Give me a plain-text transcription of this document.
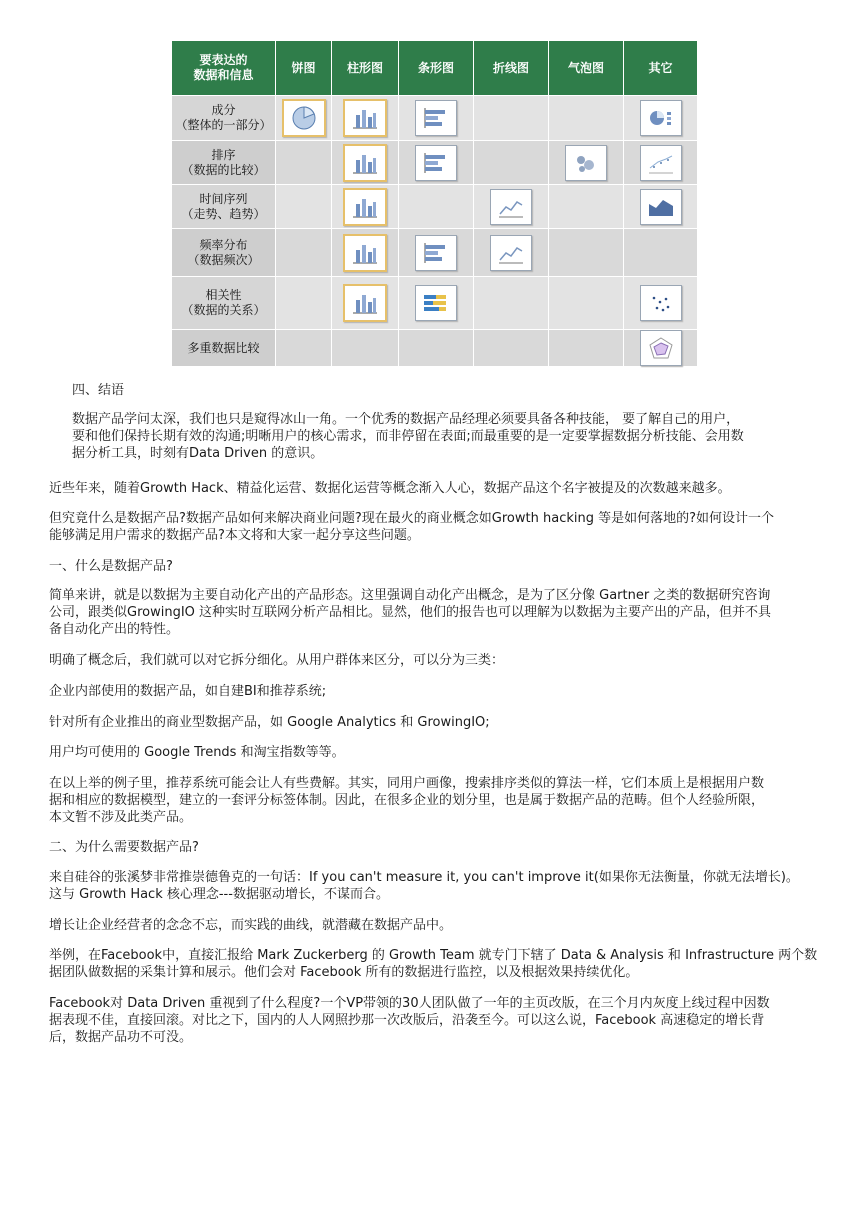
要表达的
数据和信息	饼图	柱形图	条形图	折线图	气泡图	其它
成分
（整体的一部分）	

排序
（数据的比较）		

时间序列
（走势、趋势）		

频率分布
（数据频次）		

相关性
（数据的关系）		

多重数据比较						

四、结语

数据产品学问太深，我们也只是窥得冰山一角。一个优秀的数据产品经理必须要具备各种技能， 要了解自己的用户，

要和他们保持长期有效的沟通;明晰用户的核心需求，而非停留在表面;而最重要的是一定要掌握数据分析技能、会用数

据分析工具，时刻有Data Driven 的意识。

近些年来，随着Growth Hack、精益化运营、数据化运营等概念渐入人心，数据产品这个名字被提及的次数越来越多。

但究竟什么是数据产品?数据产品如何来解决商业问题?现在最火的商业概念如Growth hacking 等是如何落地的?如何设计一个

能够满足用户需求的数据产品?本文将和大家一起分享这些问题。

一、什么是数据产品?

简单来讲，就是以数据为主要自动化产出的产品形态。这里强调自动化产出概念，是为了区分像 Gartner 之类的数据研究咨询

公司，跟类似GrowingIO 这种实时互联网分析产品相比。显然，他们的报告也可以理解为以数据为主要产出的产品，但并不具

备自动化产出的特性。

明确了概念后，我们就可以对它拆分细化。从用户群体来区分，可以分为三类：

企业内部使用的数据产品，如自建BI和推荐系统;

针对所有企业推出的商业型数据产品，如 Google Analytics 和 GrowingIO;

用户均可使用的 Google Trends 和淘宝指数等等。

在以上举的例子里，推荐系统可能会让人有些费解。其实，同用户画像，搜索排序类似的算法一样，它们本质上是根据用户数

据和相应的数据模型，建立的一套评分标签体制。因此，在很多企业的划分里，也是属于数据产品的范畴。但个人经验所限，

本文暂不涉及此类产品。

二、为什么需要数据产品?

来自硅谷的张溪梦非常推崇德鲁克的一句话：If you can't measure it, you can't improve it(如果你无法衡量，你就无法增长)。

这与 Growth Hack 核心理念---数据驱动增长，不谋而合。

增长让企业经营者的念念不忘，而实践的曲线，就潜藏在数据产品中。

举例，在Facebook中，直接汇报给 Mark Zuckerberg 的 Growth Team 就专门下辖了 Data & Analysis 和 Infrastructure 两个数

据团队做数据的采集计算和展示。他们会对 Facebook 所有的数据进行监控，以及根据效果持续优化。

Facebook对 Data Driven 重视到了什么程度?一个VP带领的30人团队做了一年的主页改版，在三个月内灰度上线过程中因数

据表现不佳，直接回滚。对比之下，国内的人人网照抄那一次改版后，沿袭至今。可以这么说，Facebook 高速稳定的增长背

后，数据产品功不可没。
